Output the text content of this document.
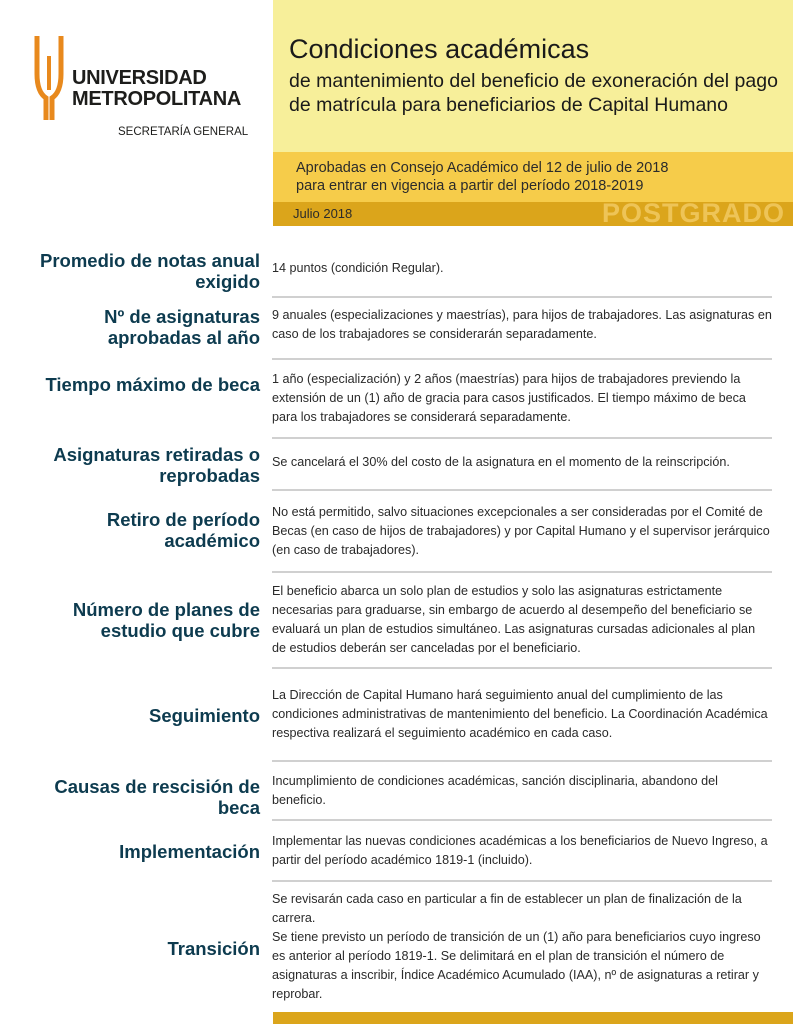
UNIVERSIDAD
METROPOLITANA
SECRETARÍA GENERAL
Condiciones académicas
de mantenimiento del beneficio de exoneración del pago de matrícula para beneficiarios de Capital Humano
Aprobadas en Consejo Académico del 12 de julio de 2018
para entrar en vigencia a partir del período 2018-2019
Julio 2018	POSTGRADO
Promedio de notas anual exigido

14 puntos (condición Regular).

Nº de asignaturas aprobadas al año

9 anuales (especializaciones y maestrías), para hijos de trabajadores. Las asignaturas en caso de los trabajadores se considerarán separadamente.

Tiempo máximo de beca 1 año (especialización) y 2 años (maestrías) para hijos de trabajadores previendo la extensión de un (1) año de gracia para casos justificados. El tiempo máximo de beca para los trabajadores se considerará separadamente.

Asignaturas retiradas o reprobadas

Se cancelará el 30% del costo de la asignatura en el momento de la reinscripción.

Retiro de período académico

No está permitido, salvo situaciones excepcionales a ser consideradas por el Comité de Becas (en caso de hijos de trabajadores) y por Capital Humano y el supervisor jerárquico (en caso de trabajadores).

Número de planes de estudio que cubre

El beneficio abarca un solo plan de estudios y solo las asignaturas estrictamente necesarias para graduarse, sin embargo de acuerdo al desempeño del beneficiario se evaluará un plan de estudios simultáneo. Las asignaturas cursadas adicionales al plan de estudios deberán ser canceladas por el beneficiario.

Seguimiento

La Dirección de Capital Humano hará seguimiento anual del cumplimiento de las condiciones administrativas de mantenimiento del beneficio. La Coordinación Académica respectiva realizará el seguimiento académico en cada caso.

Causas de rescisión de beca

Incumplimiento de condiciones académicas, sanción disciplinaria, abandono del beneficio.

Implementación Implementar las nuevas condiciones académicas a los beneficiarios de Nuevo Ingreso, a partir del período académico 1819-1 (incluido).

Transición

Se revisarán cada caso en particular a fin de establecer un plan de finalización de la carrera.

Se tiene previsto un período de transición de un (1) año para beneficiarios cuyo ingreso es anterior al período 1819-1. Se delimitará en el plan de transición el número de asignaturas a inscribir, Índice Académico Acumulado (IAA), nº de asignaturas a retirar y reprobar.
